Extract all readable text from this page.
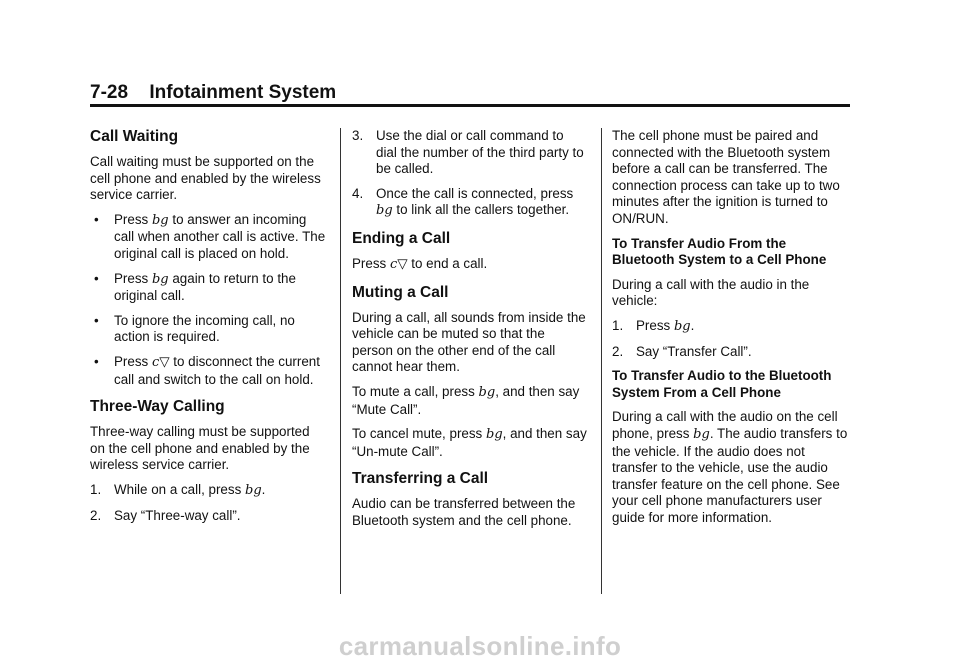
7-28 Infotainment System
Call Waiting

Call waiting must be supported on the cell phone and enabled by the wireless service carrier.

• Press bg to answer an incoming call when another call is active. The original call is placed on hold.
• Press bg again to return to the original call.
• To ignore the incoming call, no action is required.
• Press c▽ to disconnect the current call and switch to the call on hold.
Three-Way Calling

Three-way calling must be supported on the cell phone and enabled by the wireless service carrier.

1. While on a call, press bg.
2. Say “Three-way call”.
3. Use the dial or call command to dial the number of the third party to be called.
4. Once the call is connected, press bg to link all the callers together.
Ending a Call

Press c▽ to end a call.

Muting a Call

During a call, all sounds from inside the vehicle can be muted so that the person on the other end of the call cannot hear them.

To mute a call, press bg, and then say “Mute Call”.

To cancel mute, press bg, and then say “Un-mute Call”.

Transferring a Call

Audio can be transferred between the Bluetooth system and the cell phone.

The cell phone must be paired and connected with the Bluetooth system before a call can be transferred. The connection process can take up to two minutes after the ignition is turned to ON/RUN.

To Transfer Audio From the Bluetooth System to a Cell Phone

During a call with the audio in the vehicle:

1. Press bg.
2. Say “Transfer Call”.

To Transfer Audio to the Bluetooth System From a Cell Phone

During a call with the audio on the cell phone, press bg. The audio transfers to the vehicle. If the audio does not transfer to the vehicle, use the audio transfer feature on the cell phone. See your cell phone manufacturers user guide for more information.

carmanualsonline.info
